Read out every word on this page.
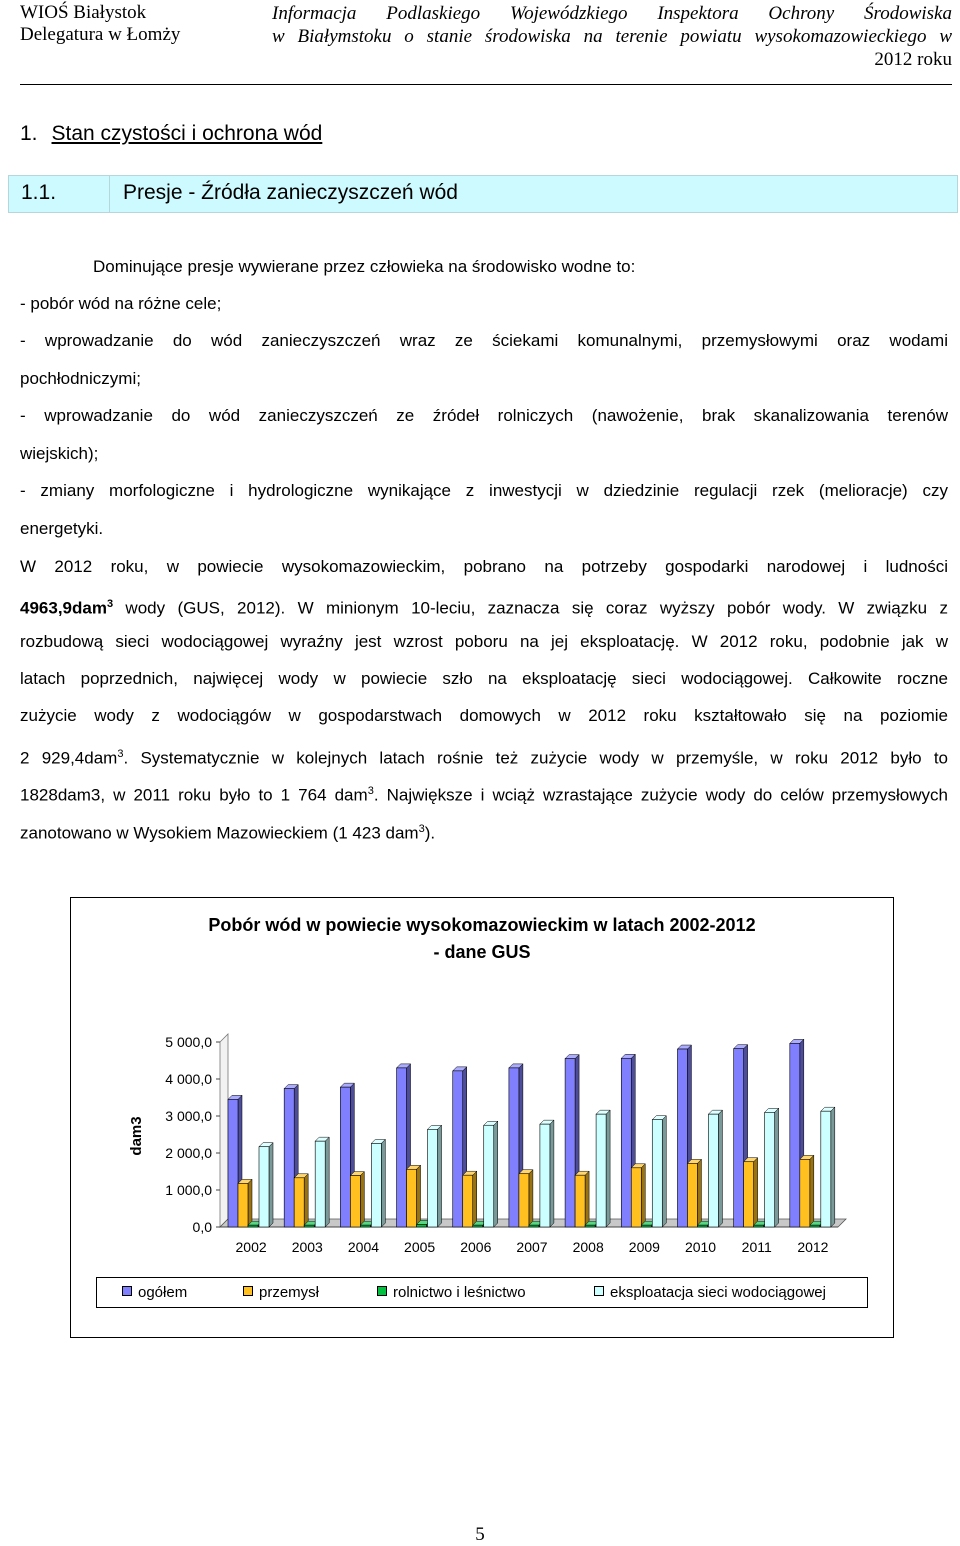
WIOŚ Białystok
Delegatura w Łomży
Informacja Podlaskiego Wojewódzkiego Inspektora Ochrony Środowiska
w Białymstoku o stanie środowiska na terenie powiatu wysokomazowieckiego w
2012 roku
1. Stan czystości i ochrona wód
1.1.	Presje - Źródła zanieczyszczeń wód
Dominujące presje wywierane przez człowieka na środowisko wodne to:
- pobór wód na różne cele;
- wprowadzanie do wód zanieczyszczeń wraz ze ściekami komunalnymi, przemysłowymi oraz wodami
pochłodniczymi;
- wprowadzanie do wód zanieczyszczeń ze źródeł rolniczych (nawożenie, brak skanalizowania terenów
wiejskich);
- zmiany morfologiczne i hydrologiczne wynikające z inwestycji w dziedzinie regulacji rzek (melioracje) czy
energetyki.
W 2012 roku, w powiecie wysokomazowieckim, pobrano na potrzeby gospodarki narodowej i ludności
4963,9dam$^3$ wody (GUS, 2012). W minionym 10-leciu, zaznacza się coraz wyższy pobór wody. W związku z
rozbudową sieci wodociągowej wyraźny jest wzrost poboru na jej eksploatację. W 2012 roku, podobnie jak w
latach poprzednich, najwięcej wody w powiecie szło na eksploatację sieci wodociągowej. Całkowite roczne
zużycie wody z wodociągów w gospodarstwach domowych w 2012 roku kształtowało się na poziomie
2 929,4dam$^3$. Systematycznie w kolejnych latach rośnie też zużycie wody w przemyśle, w roku 2012 było to
1828dam3, w 2011 roku było to 1 764 dam$^3$. Największe i wciąż wzrastające zużycie wody do celów przemysłowych
zanotowano w Wysokiem Mazowieckiem (1 423 dam$^3$).
Pobór wód w powiecie wysokomazowieckim w latach 2002-2012
- dane GUS
0,0
1 000,0
2 000,0
3 000,0
4 000,0
5 000,0
dam3
2002 2003 2004 2005 2006 2007 2008 2009 2010 2011 2012
ogółem	przemysł	rolnictwo i leśnictwo	eksploatacja sieci wodociągowej
5
